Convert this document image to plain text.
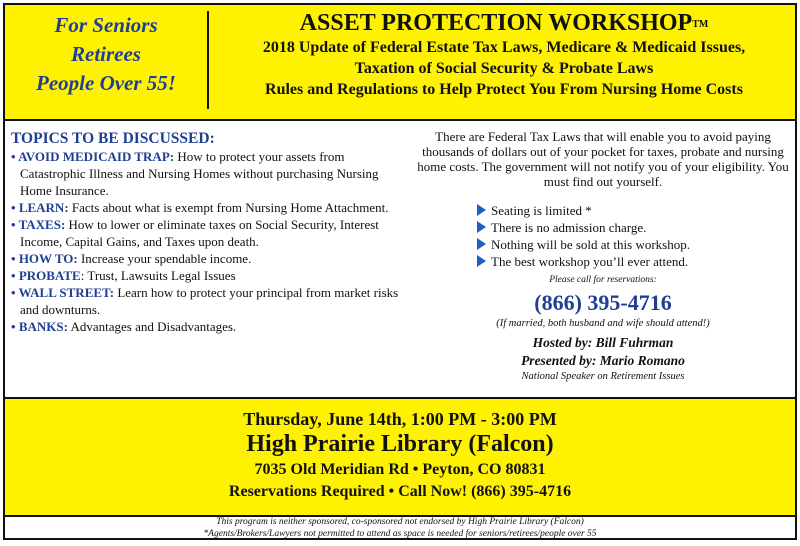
For Seniors
Retirees
People Over 55!
ASSET PROTECTION WORKSHOP™
2018 Update of Federal Estate Tax Laws, Medicare & Medicaid Issues,
Taxation of Social Security & Probate Laws
Rules and Regulations to Help Protect You From Nursing Home Costs
TOPICS TO BE DISCUSSED:
• AVOID MEDICAID TRAP: How to protect your assets from Catastrophic Illness and Nursing Homes without purchasing Nursing Home Insurance.
• LEARN: Facts about what is exempt from Nursing Home Attachment.
• TAXES: How to lower or eliminate taxes on Social Security, Interest Income, Capital Gains, and Taxes upon death.
• HOW TO: Increase your spendable income.
• PROBATE: Trust, Lawsuits Legal Issues
• WALL STREET: Learn how to protect your principal from market risks and downturns.
• BANKS: Advantages and Disadvantages.
There are Federal Tax Laws that will enable you to avoid paying thousands of dollars out of your pocket for taxes, probate and nursing home costs. The government will not notify you of your eligibility. You must find out yourself.
Seating is limited *
There is no admission charge.
Nothing will be sold at this workshop.
The best workshop you’ll ever attend.
Please call for reservations:
(866) 395-4716
(If married, both husband and wife should attend!)
Hosted by: Bill Fuhrman
Presented by: Mario Romano
National Speaker on Retirement Issues
Thursday, June 14th, 1:00 PM - 3:00 PM
High Prairie Library (Falcon)
7035 Old Meridian Rd • Peyton, CO 80831
Reservations Required • Call Now! (866) 395-4716
This program is neither sponsored, co-sponsored not endorsed by High Prairie Library (Falcon)
*Agents/Brokers/Lawyers not permitted to attend as space is needed for seniors/retirees/people over 55
